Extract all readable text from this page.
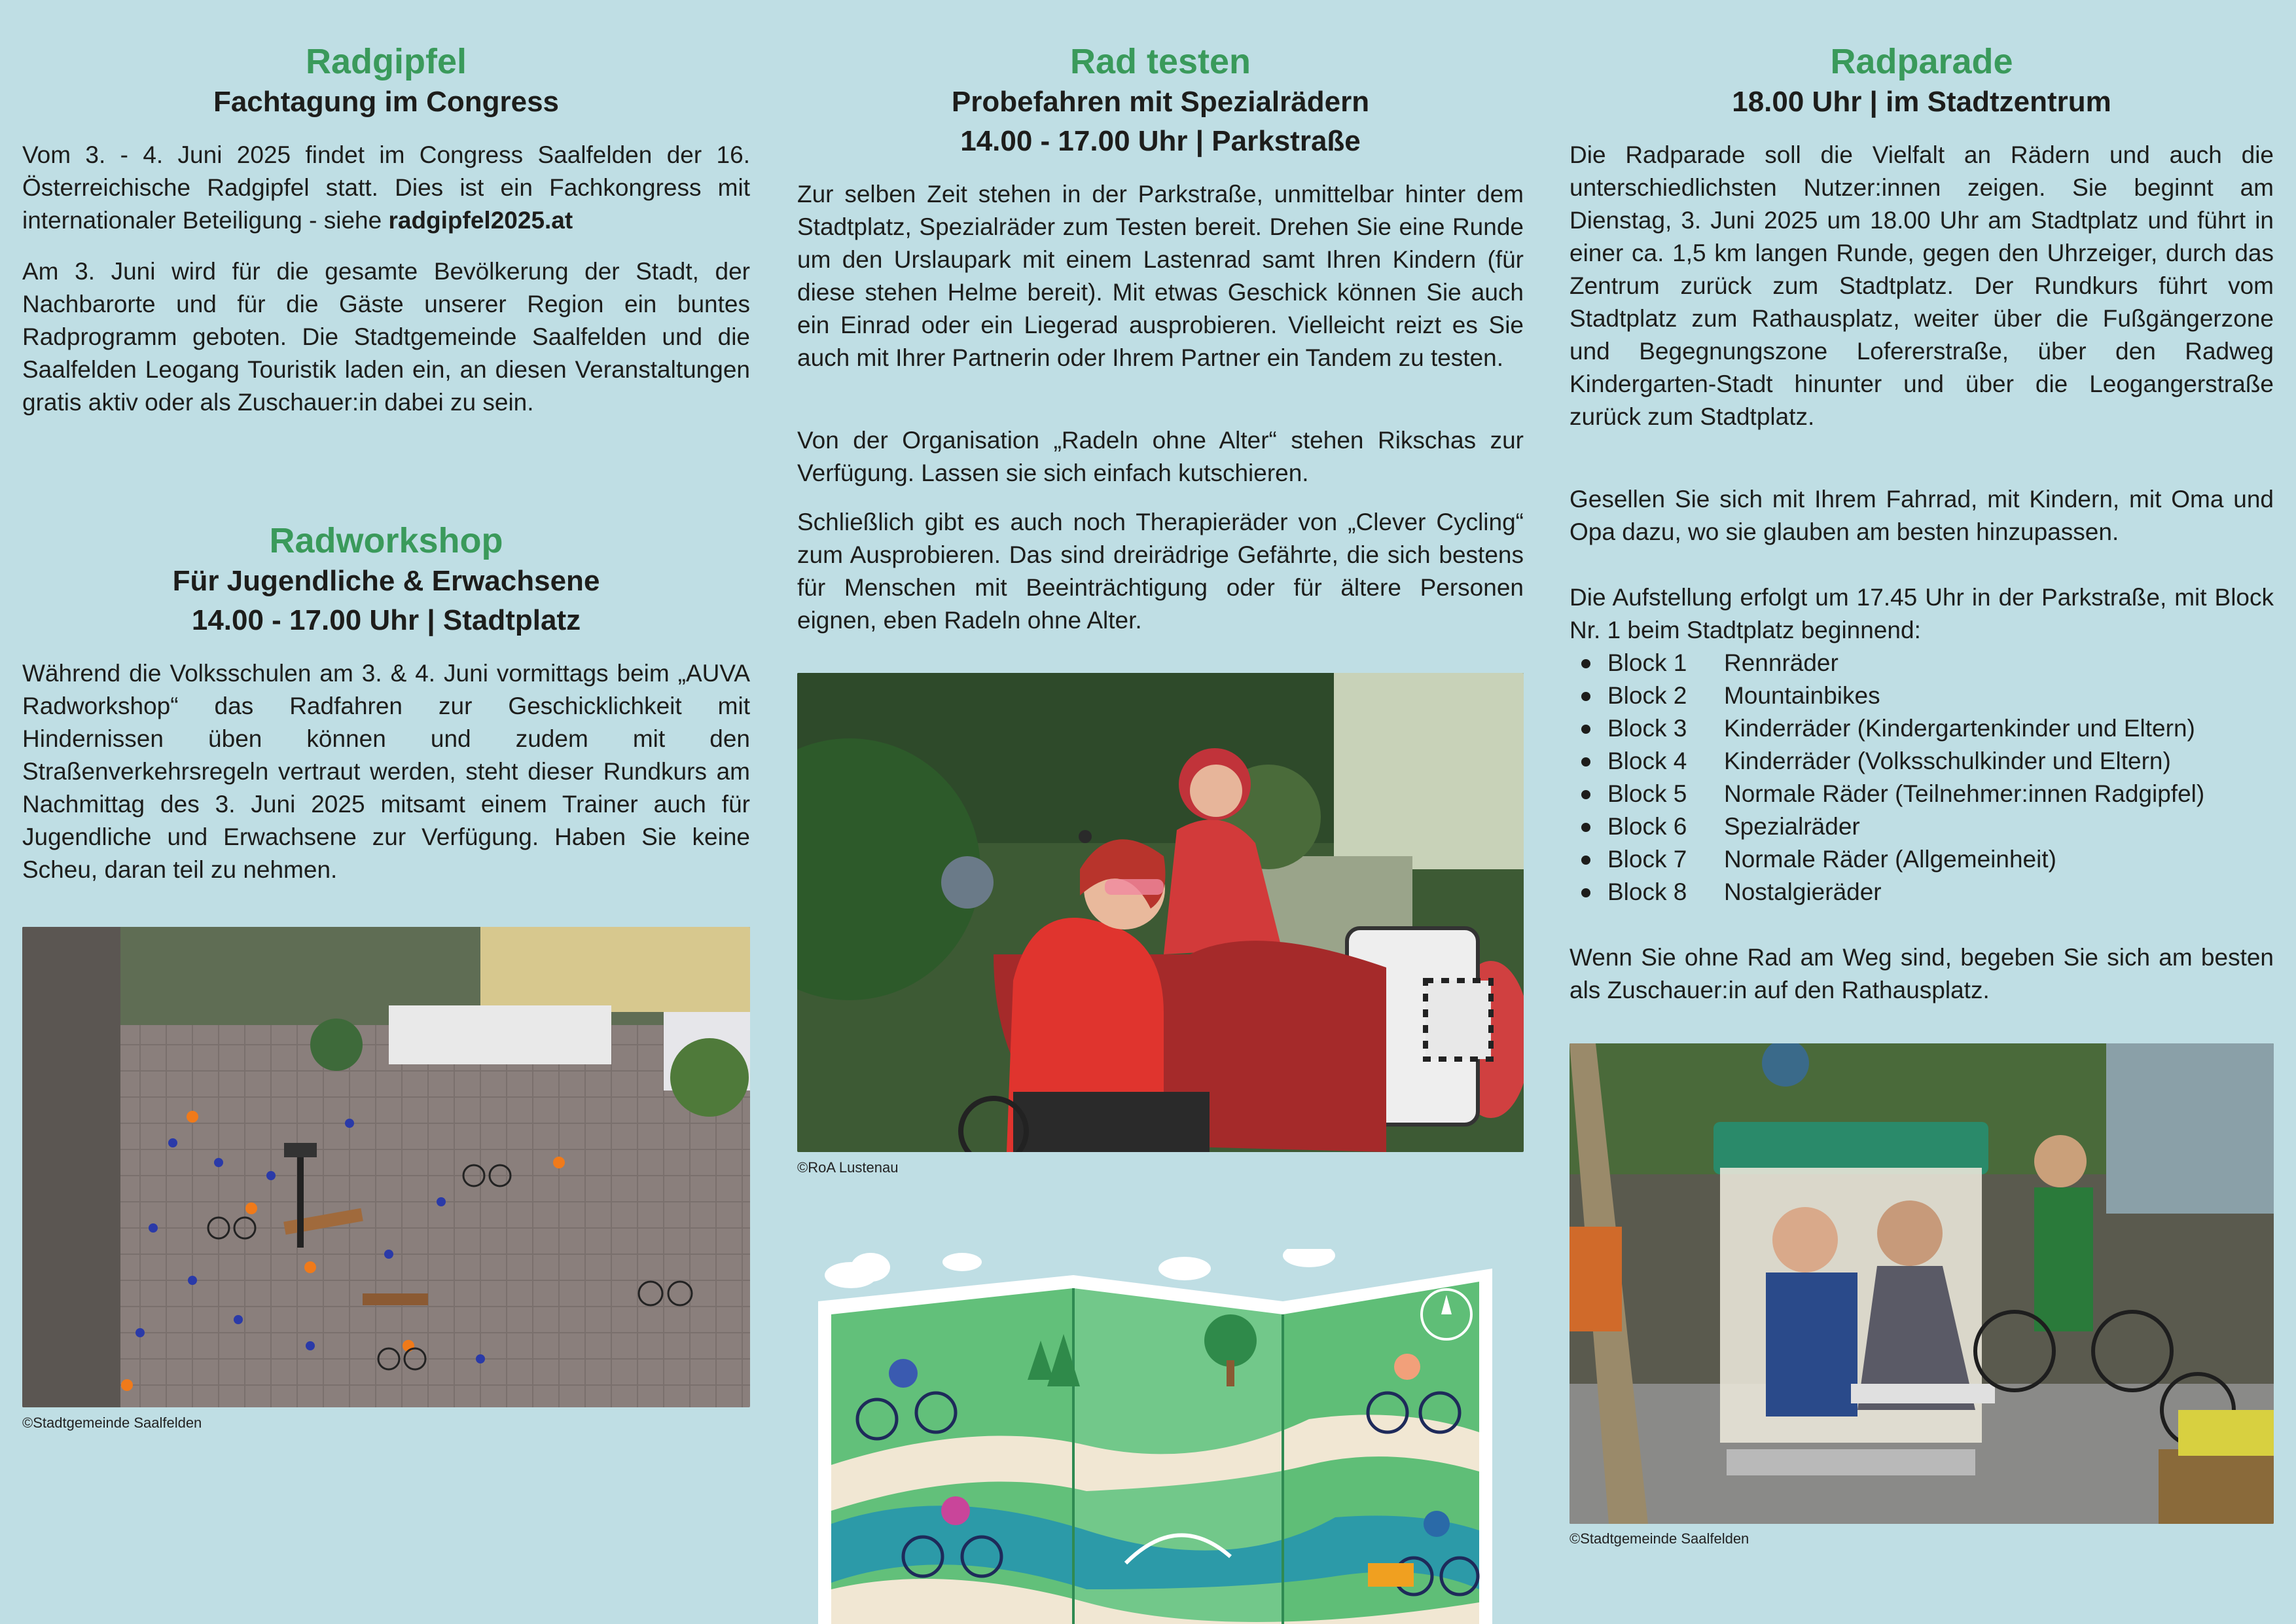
Radgipfel
Fachtagung im Congress

Vom 3. - 4. Juni 2025 findet im Congress Saalfelden der 16. Österreichische Radgipfel statt. Dies ist ein Fachkongress mit internationaler Beteiligung - siehe radgipfel2025.at

Am 3. Juni wird für die gesamte Bevölkerung der Stadt, der Nachbarorte und für die Gäste unserer Region ein buntes Radprogramm geboten. Die Stadtgemeinde Saalfelden und die Saalfelden Leogang Touristik laden ein, an diesen Veranstaltungen gratis aktiv oder als Zuschauer:in dabei zu sein.

Radworkshop
Für Jugendliche & Erwachsene
14.00 - 17.00 Uhr | Stadtplatz

Während die Volksschulen am 3. & 4. Juni vormittags beim „AUVA Radworkshop“ das Radfahren zur Geschicklichkeit mit Hindernissen üben können und zudem mit den Straßenverkehrsregeln vertraut werden, steht dieser Rundkurs am Nachmittag des 3. Juni 2025 mitsamt einem Trainer auch für Jugendliche und Erwachsene zur Verfügung. Haben Sie keine Scheu, daran teil zu nehmen.

©Stadtgemeinde Saalfelden
Rad testen
Probefahren mit Spezialrädern
14.00 - 17.00 Uhr | Parkstraße

Zur selben Zeit stehen in der Parkstraße, unmittelbar hinter dem Stadtplatz, Spezialräder zum Testen bereit. Drehen Sie eine Runde um den Urslaupark mit einem Lastenrad samt Ihren Kindern (für diese stehen Helme bereit). Mit etwas Geschick können Sie auch ein Einrad oder ein Liegerad ausprobieren. Vielleicht reizt es Sie auch mit Ihrer Partnerin oder Ihrem Partner ein Tandem zu testen.

Von der Organisation „Radeln ohne Alter“ stehen Rikschas zur Verfügung. Lassen sie sich einfach kutschieren.

Schließlich gibt es auch noch Therapieräder von „Clever Cycling“ zum Ausprobieren. Das sind dreirädrige Gefährte, die sich bestens für Menschen mit Beeinträchtigung oder für ältere Personen eignen, eben Radeln ohne Alter.

©RoA Lustenau
Radparade
18.00 Uhr | im Stadtzentrum

Die Radparade soll die Vielfalt an Rädern und auch die unterschiedlichsten Nutzer:innen zeigen. Sie beginnt am Dienstag, 3. Juni 2025 um 18.00 Uhr am Stadtplatz und führt in einer ca. 1,5 km langen Runde, gegen den Uhrzeiger, durch das Zentrum zurück zum Stadtplatz. Der Rundkurs führt vom Stadtplatz zum Rathausplatz, weiter über die Fußgängerzone und Begegnungszone Lofererstraße, über den Radweg Kindergarten-Stadt hinunter und über die Leogangerstraße zurück zum Stadtplatz.

Gesellen Sie sich mit Ihrem Fahrrad, mit Kindern, mit Oma und Opa dazu, wo sie glauben am besten hinzupassen.

Die Aufstellung erfolgt um 17.45 Uhr in der Parkstraße, mit Block Nr. 1 beim Stadtplatz beginnend:

Block 1 Rennräder
Block 2 Mountainbikes
Block 3 Kinderräder (Kindergartenkinder und Eltern)
Block 4 Kinderräder (Volksschulkinder und Eltern)
Block 5 Normale Räder (Teilnehmer:innen Radgipfel)
Block 6 Spezialräder
Block 7 Normale Räder (Allgemeinheit)
Block 8 Nostalgieräder

Wenn Sie ohne Rad am Weg sind, begeben Sie sich am besten als Zuschauer:in auf den Rathausplatz.

©Stadtgemeinde Saalfelden
